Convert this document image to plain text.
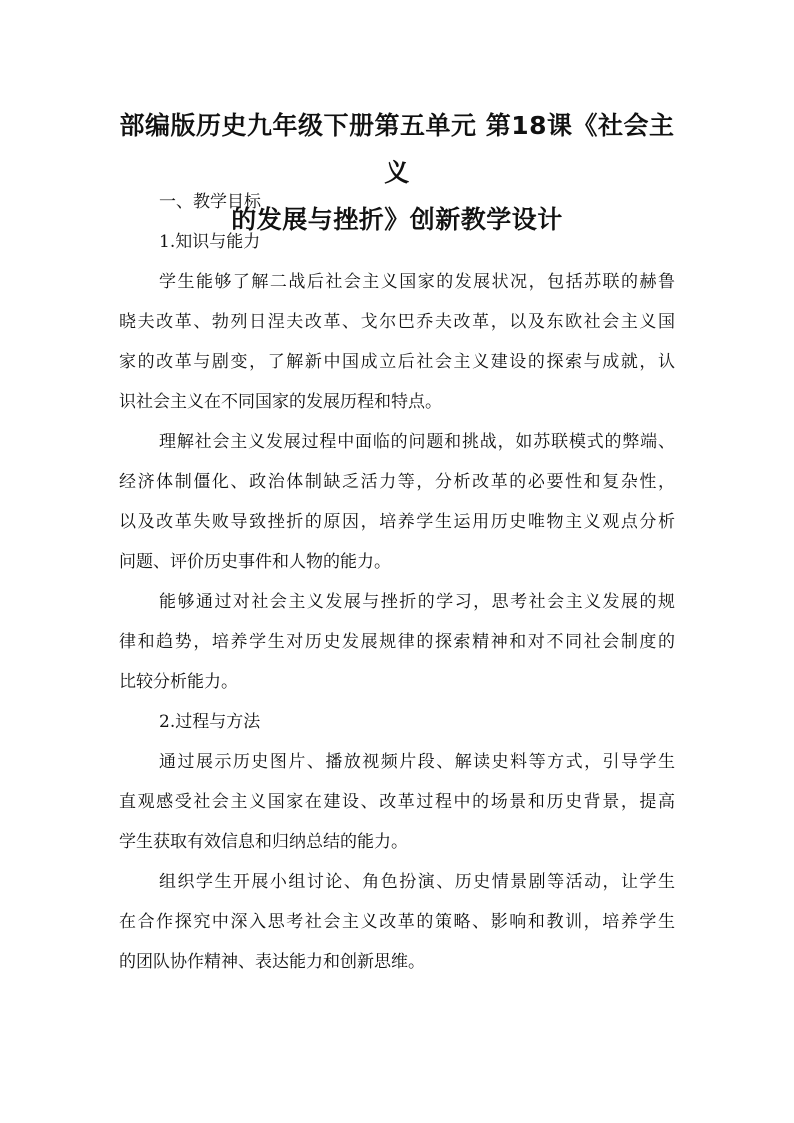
部编版历史九年级下册第五单元 第18课《社会主义
的发展与挫折》创新教学设计
一、教学目标
1.知识与能力
学生能够了解二战后社会主义国家的发展状况，包括苏联的赫鲁
晓夫改革、勃列日涅夫改革、戈尔巴乔夫改革，以及东欧社会主义国
家的改革与剧变，了解新中国成立后社会主义建设的探索与成就，认
识社会主义在不同国家的发展历程和特点。
理解社会主义发展过程中面临的问题和挑战，如苏联模式的弊端、
经济体制僵化、政治体制缺乏活力等，分析改革的必要性和复杂性，
以及改革失败导致挫折的原因，培养学生运用历史唯物主义观点分析
问题、评价历史事件和人物的能力。
能够通过对社会主义发展与挫折的学习，思考社会主义发展的规
律和趋势，培养学生对历史发展规律的探索精神和对不同社会制度的
比较分析能力。
2.过程与方法
通过展示历史图片、播放视频片段、解读史料等方式，引导学生
直观感受社会主义国家在建设、改革过程中的场景和历史背景，提高
学生获取有效信息和归纳总结的能力。
组织学生开展小组讨论、角色扮演、历史情景剧等活动，让学生
在合作探究中深入思考社会主义改革的策略、影响和教训，培养学生
的团队协作精神、表达能力和创新思维。
